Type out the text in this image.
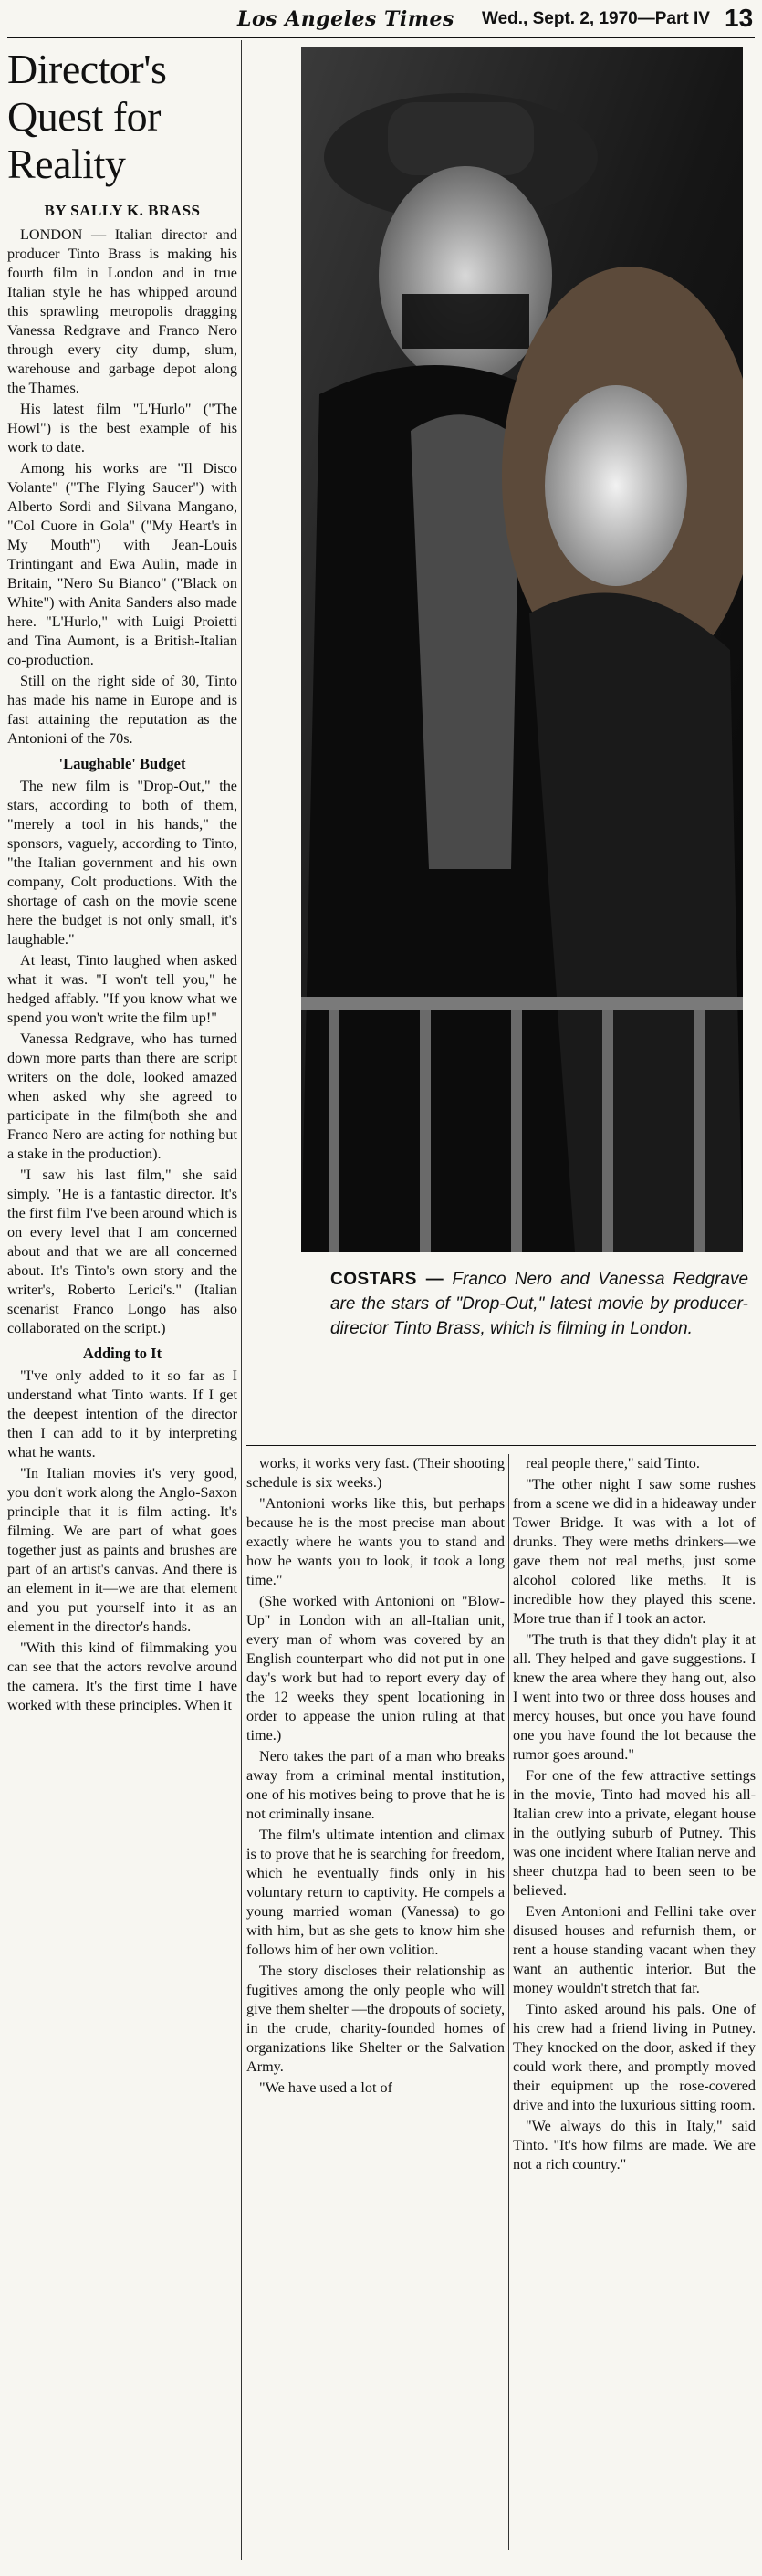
Los Angeles Times Wed., Sept. 2, 1970—Part IV 13
Director's Quest for Reality
BY SALLY K. BRASS

LONDON — Italian director and producer Tinto Brass is making his fourth film in London and in true Italian style he has whipped around this sprawling metropolis dragging Vanessa Redgrave and Franco Nero through every city dump, slum, warehouse and garbage depot along the Thames.

His latest film "L'Hurlo" ("The Howl") is the best example of his work to date.

Among his works are "Il Disco Volante" ("The Flying Saucer") with Alberto Sordi and Silvana Mangano, "Col Cuore in Gola" ("My Heart's in My Mouth") with Jean-Louis Trintingant and Ewa Aulin, made in Britain, "Nero Su Bianco" ("Black on White") with Anita Sanders also made here. "L'Hurlo," with Luigi Proietti and Tina Aumont, is a British-Italian co-production.

Still on the right side of 30, Tinto has made his name in Europe and is fast attaining the reputation as the Antonioni of the 70s.

'Laughable' Budget

The new film is "Drop-Out," the stars, according to both of them, "merely a tool in his hands," the sponsors, vaguely, according to Tinto, "the Italian government and his own company, Colt productions. With the shortage of cash on the movie scene here the budget is not only small, it's laughable."

At least, Tinto laughed when asked what it was. "I won't tell you," he hedged affably. "If you know what we spend you won't write the film up!"

Vanessa Redgrave, who has turned down more parts than there are script writers on the dole, looked amazed when asked why she agreed to participate in the film(both she and Franco Nero are acting for nothing but a stake in the production).

"I saw his last film," she said simply. "He is a fantastic director. It's the first film I've been around which is on every level that I am concerned about and that we are all concerned about. It's Tinto's own story and the writer's, Roberto Lerici's." (Italian scenarist Franco Longo has also collaborated on the script.)

Adding to It

"I've only added to it so far as I understand what Tinto wants. If I get the deepest intention of the director then I can add to it by interpreting what he wants.

"In Italian movies it's very good, you don't work along the Anglo-Saxon principle that it is film acting. It's filming. We are part of what goes together just as paints and brushes are part of an artist's canvas. And there is an element in it—we are that element and you put yourself into it as an element in the director's hands.

"With this kind of filmmaking you can see that the actors revolve around the camera. It's the first time I have worked with these principles. When it

COSTARS — Franco Nero and Vanessa Redgrave are the stars of "Drop-Out," latest movie by producer-director Tinto Brass, which is filming in London.

works, it works very fast. (Their shooting schedule is six weeks.)

"Antonioni works like this, but perhaps because he is the most precise man about exactly where he wants you to stand and how he wants you to look, it took a long time."

(She worked with Antonioni on "Blow-Up" in London with an all-Italian unit, every man of whom was covered by an English counterpart who did not put in one day's work but had to report every day of the 12 weeks they spent locationing in order to appease the union ruling at that time.)

Nero takes the part of a man who breaks away from a criminal mental institution, one of his motives being to prove that he is not criminally insane.

The film's ultimate intention and climax is to prove that he is searching for freedom, which he eventually finds only in his voluntary return to captivity. He compels a young married woman (Vanessa) to go with him, but as she gets to know him she follows him of her own volition.

The story discloses their relationship as fugitives among the only people who will give them shelter —the dropouts of society, in the crude, charity-founded homes of organizations like Shelter or the Salvation Army.

"We have used a lot of

real people there," said Tinto.

"The other night I saw some rushes from a scene we did in a hideaway under Tower Bridge. It was with a lot of drunks. They were meths drinkers—we gave them not real meths, just some alcohol colored like meths. It is incredible how they played this scene. More true than if I took an actor.

"The truth is that they didn't play it at all. They helped and gave suggestions. I knew the area where they hang out, also I went into two or three doss houses and mercy houses, but once you have found one you have found the lot because the rumor goes around."

For one of the few attractive settings in the movie, Tinto had moved his all-Italian crew into a private, elegant house in the outlying suburb of Putney. This was one incident where Italian nerve and sheer chutzpa had to been seen to be believed.

Even Antonioni and Fellini take over disused houses and refurnish them, or rent a house standing vacant when they want an authentic interior. But the money wouldn't stretch that far.

Tinto asked around his pals. One of his crew had a friend living in Putney. They knocked on the door, asked if they could work there, and promptly moved their equipment up the rose-covered drive and into the luxurious sitting room.

"We always do this in Italy," said Tinto. "It's how films are made. We are not a rich country."
